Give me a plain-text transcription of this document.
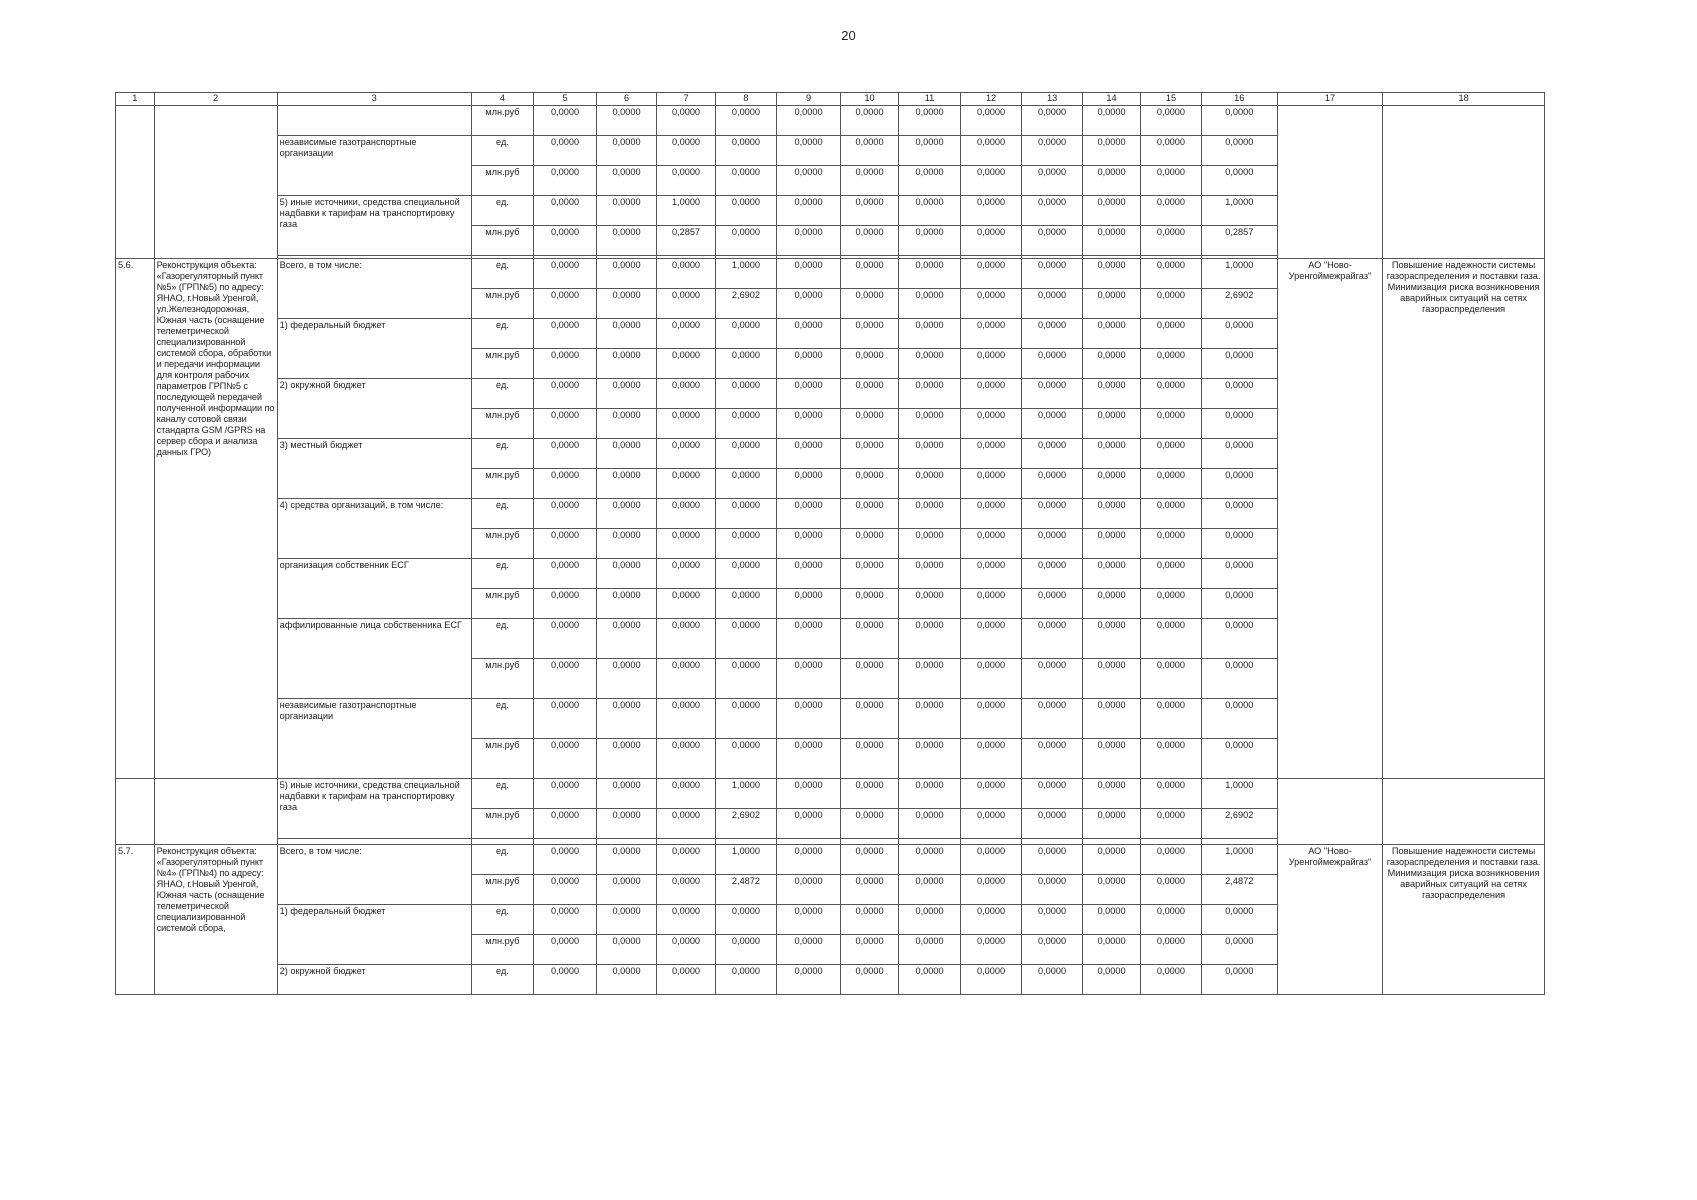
20
1	2	3	4	5	6	7	8	9	10	11	12	13	14	15	16	17	18
			млн.руб	0,0000	0,0000	0,0000	0,0000	0,0000	0,0000	0,0000	0,0000	0,0000	0,0000	0,0000	0,0000		
		независимые газотранспортные организации	ед.	0,0000	0,0000	0,0000	0,0000	0,0000	0,0000	0,0000	0,0000	0,0000	0,0000	0,0000	0,0000		
			млн.руб	0,0000	0,0000	0,0000	0,0000	0,0000	0,0000	0,0000	0,0000	0,0000	0,0000	0,0000	0,0000		
		5) иные источники, средства специальной надбавки к тарифам на транспортировку газа	ед.	0,0000	0,0000	1,0000	0,0000	0,0000	0,0000	0,0000	0,0000	0,0000	0,0000	0,0000	1,0000		
			млн.руб	0,0000	0,0000	0,2857	0,0000	0,0000	0,0000	0,0000	0,0000	0,0000	0,0000	0,0000	0,2857		

5.6.	Реконструкция объекта: «Газорегуляторный пункт №5» (ГРП№5) по адресу: ЯНАО, г.Новый Уренгой, ул.Железнодорожная, Южная часть (оснащение телеметрической специализированной системой сбора, обработки и передачи информации для контроля рабочих параметров ГРП№5 с последующей передачей полученной информации по каналу сотовой связи стандарта GSM /GPRS на сервер сбора и анализа данных ГРО)	Всего, в том числе:	ед.	0,0000	0,0000	0,0000	1,0000	0,0000	0,0000	0,0000	0,0000	0,0000	0,0000	0,0000	1,0000	АО "Ново-Уренгоймежрайгаз"	Повышение надежности системы газораспределения и поставки газа. Минимизация риска возникновения аварийных ситуаций на сетях газораспределения
			млн.руб	0,0000	0,0000	0,0000	2,6902	0,0000	0,0000	0,0000	0,0000	0,0000	0,0000	0,0000	2,6902		
		1) федеральный бюджет	ед.	0,0000	0,0000	0,0000	0,0000	0,0000	0,0000	0,0000	0,0000	0,0000	0,0000	0,0000	0,0000		
			млн.руб	0,0000	0,0000	0,0000	0,0000	0,0000	0,0000	0,0000	0,0000	0,0000	0,0000	0,0000	0,0000		
		2) окружной бюджет	ед.	0,0000	0,0000	0,0000	0,0000	0,0000	0,0000	0,0000	0,0000	0,0000	0,0000	0,0000	0,0000		
			млн.руб	0,0000	0,0000	0,0000	0,0000	0,0000	0,0000	0,0000	0,0000	0,0000	0,0000	0,0000	0,0000		
		3) местный бюджет	ед.	0,0000	0,0000	0,0000	0,0000	0,0000	0,0000	0,0000	0,0000	0,0000	0,0000	0,0000	0,0000		
			млн.руб	0,0000	0,0000	0,0000	0,0000	0,0000	0,0000	0,0000	0,0000	0,0000	0,0000	0,0000	0,0000		
		4) средства организаций, в том числе:	ед.	0,0000	0,0000	0,0000	0,0000	0,0000	0,0000	0,0000	0,0000	0,0000	0,0000	0,0000	0,0000		
			млн.руб	0,0000	0,0000	0,0000	0,0000	0,0000	0,0000	0,0000	0,0000	0,0000	0,0000	0,0000	0,0000		
		организация собственник ЕСГ	ед.	0,0000	0,0000	0,0000	0,0000	0,0000	0,0000	0,0000	0,0000	0,0000	0,0000	0,0000	0,0000		
			млн.руб	0,0000	0,0000	0,0000	0,0000	0,0000	0,0000	0,0000	0,0000	0,0000	0,0000	0,0000	0,0000		
		аффилированные лица собственника ЕСГ	ед.	0,0000	0,0000	0,0000	0,0000	0,0000	0,0000	0,0000	0,0000	0,0000	0,0000	0,0000	0,0000		
			млн.руб	0,0000	0,0000	0,0000	0,0000	0,0000	0,0000	0,0000	0,0000	0,0000	0,0000	0,0000	0,0000		
		независимые газотранспортные организации	ед.	0,0000	0,0000	0,0000	0,0000	0,0000	0,0000	0,0000	0,0000	0,0000	0,0000	0,0000	0,0000		
			млн.руб	0,0000	0,0000	0,0000	0,0000	0,0000	0,0000	0,0000	0,0000	0,0000	0,0000	0,0000	0,0000		
		5) иные источники, средства специальной надбавки к тарифам на транспортировку газа	ед.	0,0000	0,0000	0,0000	1,0000	0,0000	0,0000	0,0000	0,0000	0,0000	0,0000	0,0000	1,0000		
			млн.руб	0,0000	0,0000	0,0000	2,6902	0,0000	0,0000	0,0000	0,0000	0,0000	0,0000	0,0000	2,6902		

5.7.	Реконструкция объекта: «Газорегуляторный пункт №4» (ГРП№4) по адресу: ЯНАО, г.Новый Уренгой, Южная часть (оснащение телеметрической специализированной системой сбора,	Всего, в том числе:	ед.	0,0000	0,0000	0,0000	1,0000	0,0000	0,0000	0,0000	0,0000	0,0000	0,0000	0,0000	1,0000	АО "Ново-Уренгоймежрайгаз"	Повышение надежности системы газораспределения и поставки газа. Минимизация риска возникновения аварийных ситуаций на сетях газораспределения
			млн.руб	0,0000	0,0000	0,0000	2,4872	0,0000	0,0000	0,0000	0,0000	0,0000	0,0000	0,0000	2,4872		
		1) федеральный бюджет	ед.	0,0000	0,0000	0,0000	0,0000	0,0000	0,0000	0,0000	0,0000	0,0000	0,0000	0,0000	0,0000		
			млн.руб	0,0000	0,0000	0,0000	0,0000	0,0000	0,0000	0,0000	0,0000	0,0000	0,0000	0,0000	0,0000		
		2) окружной бюджет	ед.	0,0000	0,0000	0,0000	0,0000	0,0000	0,0000	0,0000	0,0000	0,0000	0,0000	0,0000	0,0000		
